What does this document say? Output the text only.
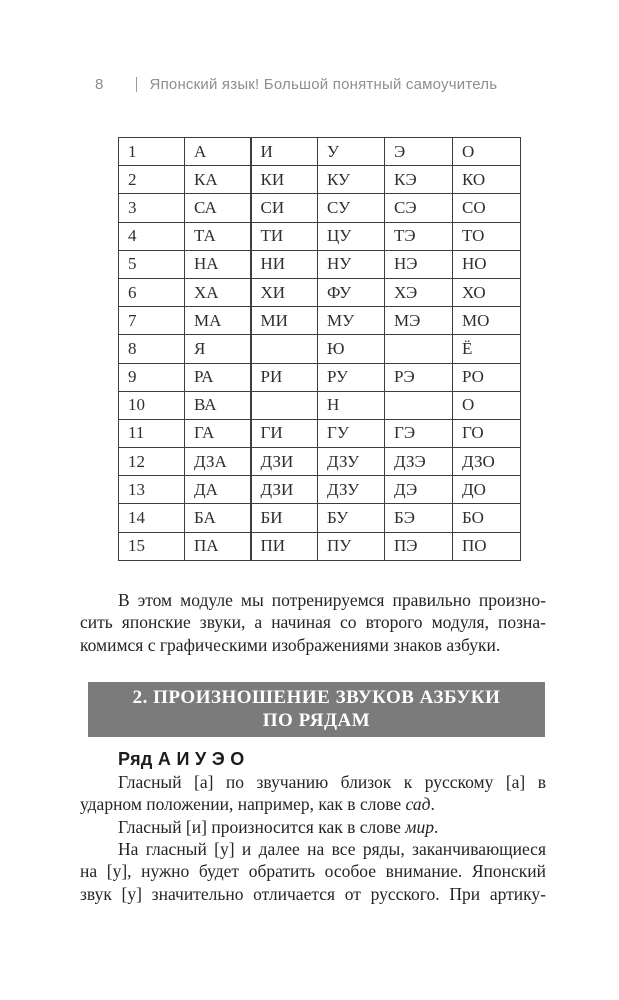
8	Японский язык! Большой понятный самоучитель
1	А	И	У	Э	О
2	КА	КИ	КУ	КЭ	КО
3	СА	СИ	СУ	СЭ	СО
4	ТА	ТИ	ЦУ	ТЭ	ТО
5	НА	НИ	НУ	НЭ	НО
6	ХА	ХИ	ФУ	ХЭ	ХО
7	МА	МИ	МУ	МЭ	МО
8	Я		Ю		Ё
9	РА	РИ	РУ	РЭ	РО
10	ВА		Н		О
11	ГА	ГИ	ГУ	ГЭ	ГО
12	ДЗА	ДЗИ	ДЗУ	ДЗЭ	ДЗО
13	ДА	ДЗИ	ДЗУ	ДЭ	ДО
14	БА	БИ	БУ	БЭ	БО
15	ПА	ПИ	ПУ	ПЭ	ПО
В этом модуле мы потренируемся правильно произно-
сить японские звуки, а начиная со второго модуля, позна-
комимся с графическими изображениями знаков азбуки.
2. ПРОИЗНОШЕНИЕ ЗВУКОВ АЗБУКИ
ПО РЯДАМ
Ряд А И У Э О
Гласный [а] по звучанию близок к русскому [а] в
ударном положении, например, как в слове сад.
Гласный [и] произносится как в слове мир.
На гласный [у] и далее на все ряды, заканчивающиеся
на [у], нужно будет обратить особое внимание. Японский
звук [у] значительно отличается от русского. При артику-
